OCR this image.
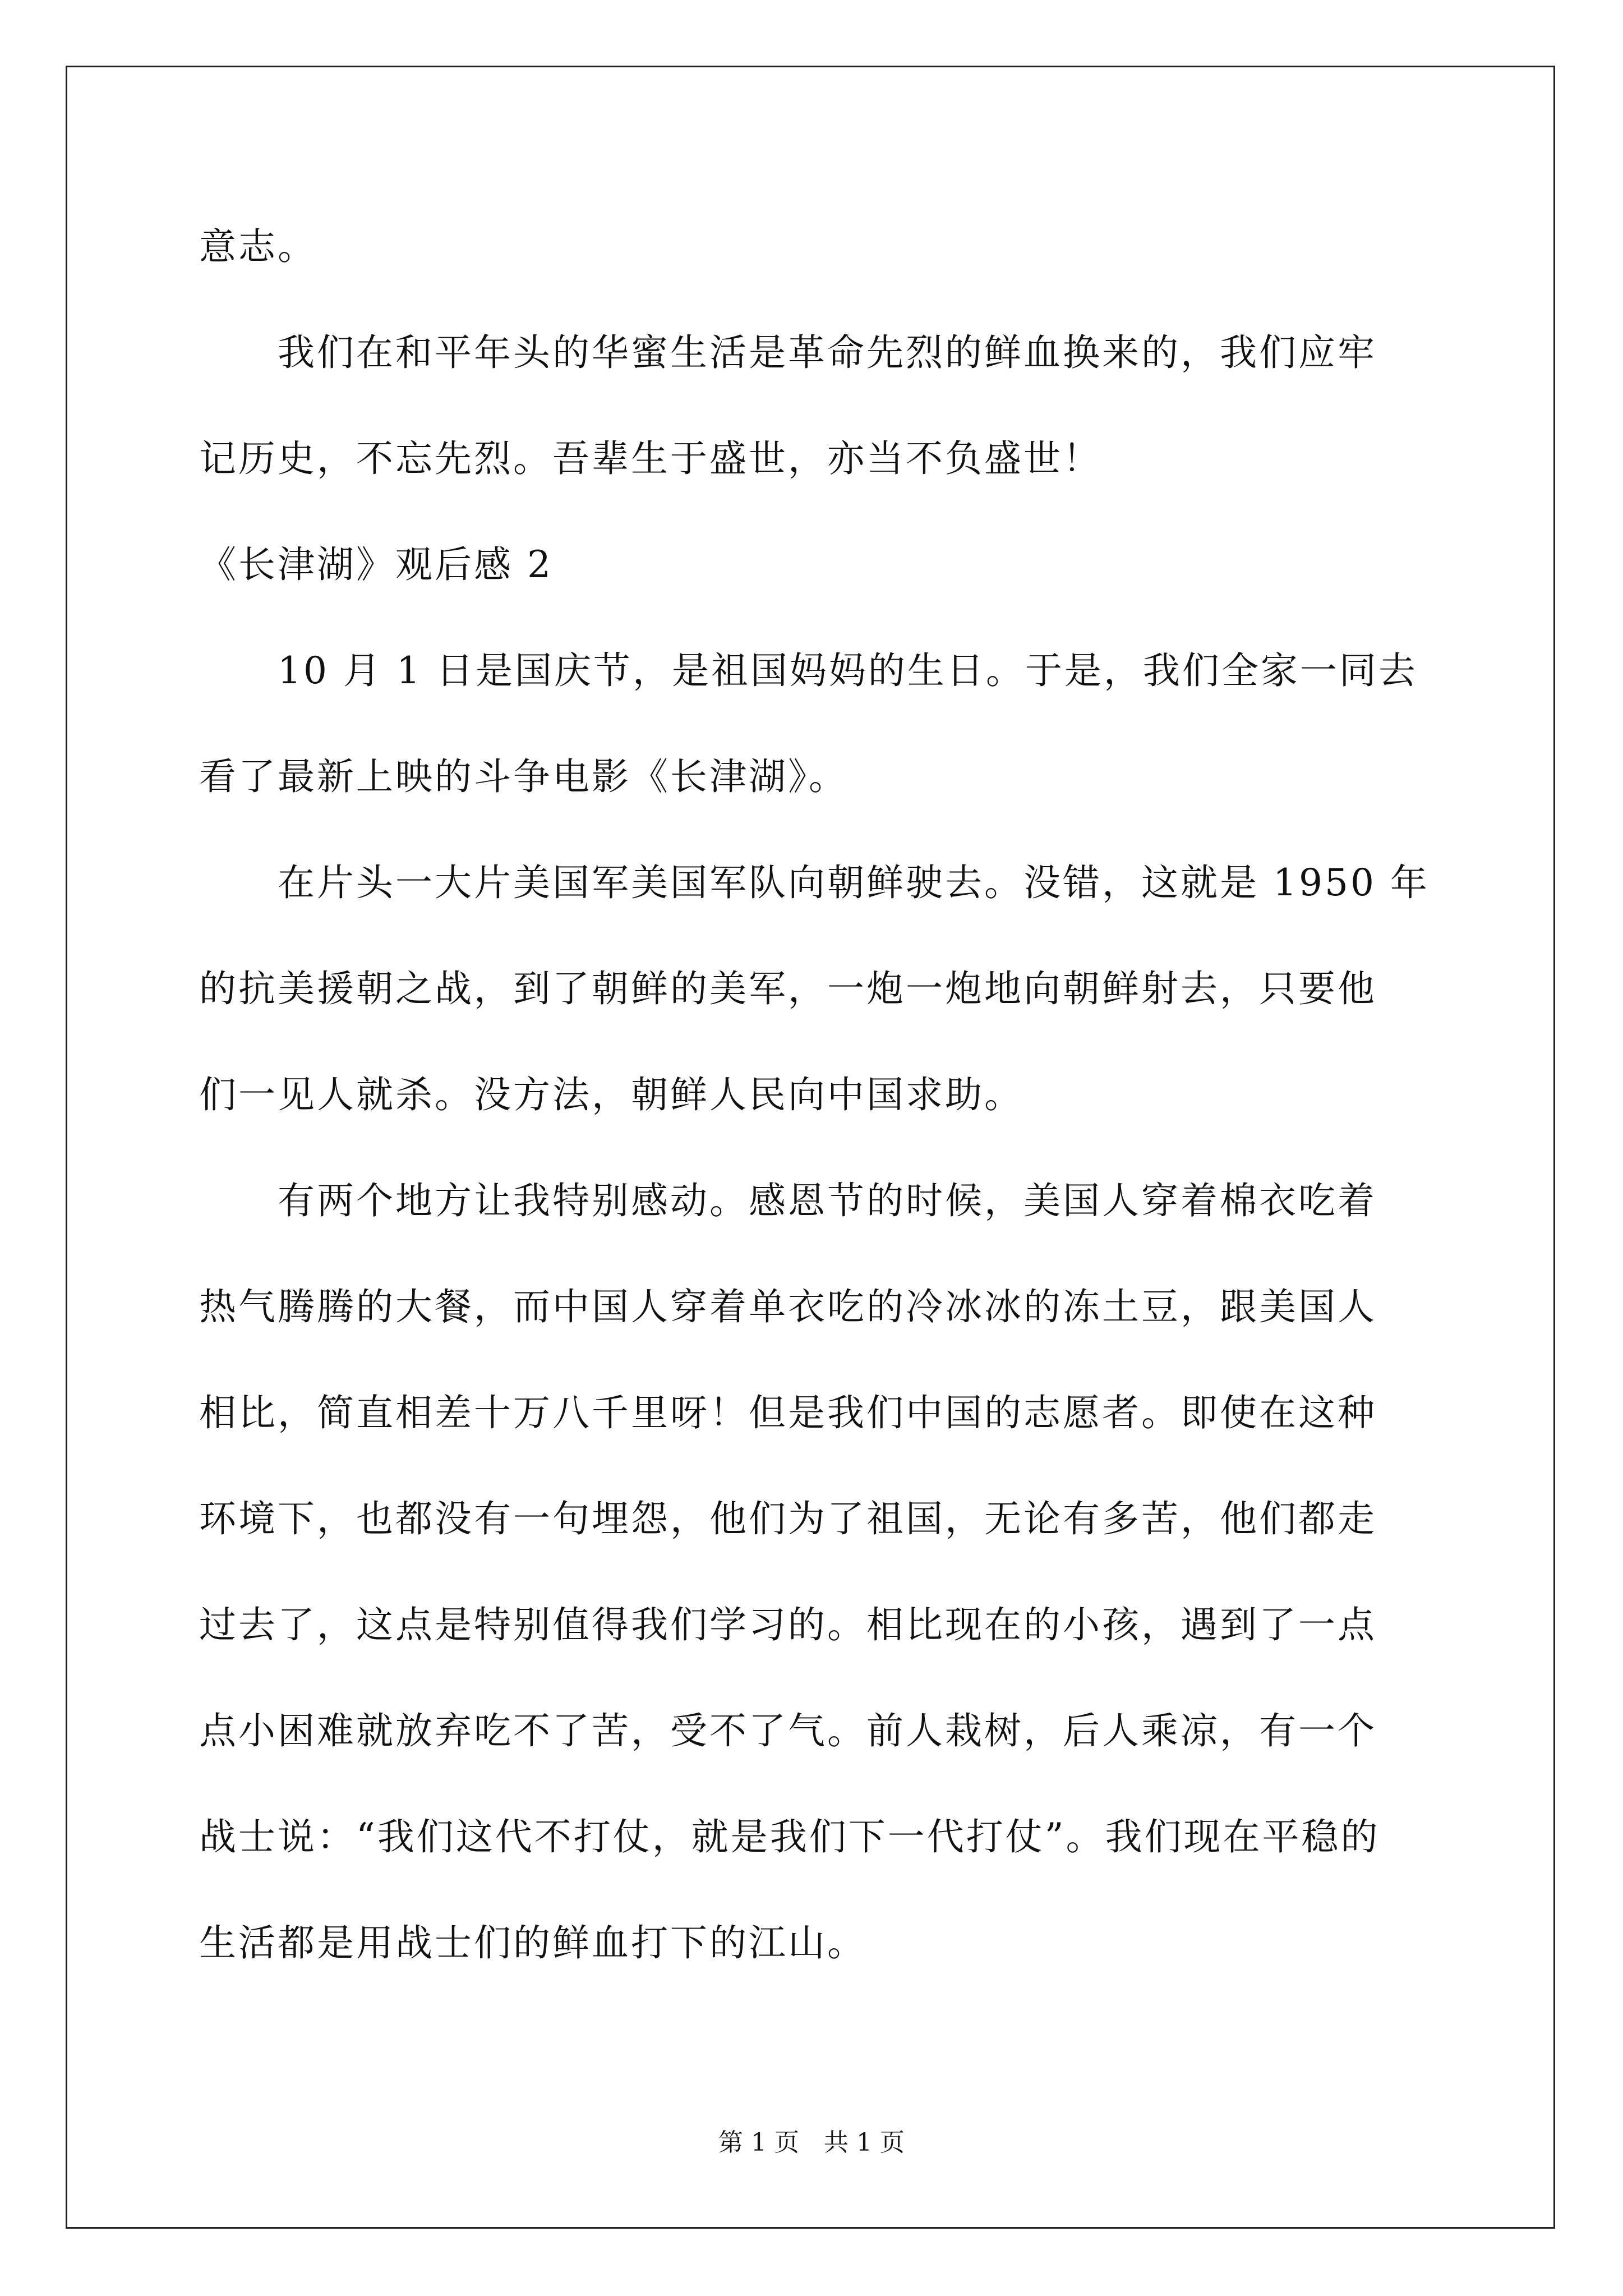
意志。
　　我们在和平年头的华蜜生活是革命先烈的鲜血换来的，我们应牢
记历史，不忘先烈。吾辈生于盛世，亦当不负盛世！
《长津湖》观后感 2
　　10 月 1 日是国庆节，是祖国妈妈的生日。于是，我们全家一同去
看了最新上映的斗争电影《长津湖》。
　　在片头一大片美国军美国军队向朝鲜驶去。没错，这就是 1950 年
的抗美援朝之战，到了朝鲜的美军，一炮一炮地向朝鲜射去，只要他
们一见人就杀。没方法，朝鲜人民向中国求助。
　　有两个地方让我特别感动。感恩节的时候，美国人穿着棉衣吃着
热气腾腾的大餐，而中国人穿着单衣吃的冷冰冰的冻土豆，跟美国人
相比，简直相差十万八千里呀！但是我们中国的志愿者。即使在这种
环境下，也都没有一句埋怨，他们为了祖国，无论有多苦，他们都走
过去了，这点是特别值得我们学习的。相比现在的小孩，遇到了一点
点小困难就放弃吃不了苦，受不了气。前人栽树，后人乘凉，有一个
战士说：“我们这代不打仗，就是我们下一代打仗”。我们现在平稳的
生活都是用战士们的鲜血打下的江山。
第 1 页　共 1 页
